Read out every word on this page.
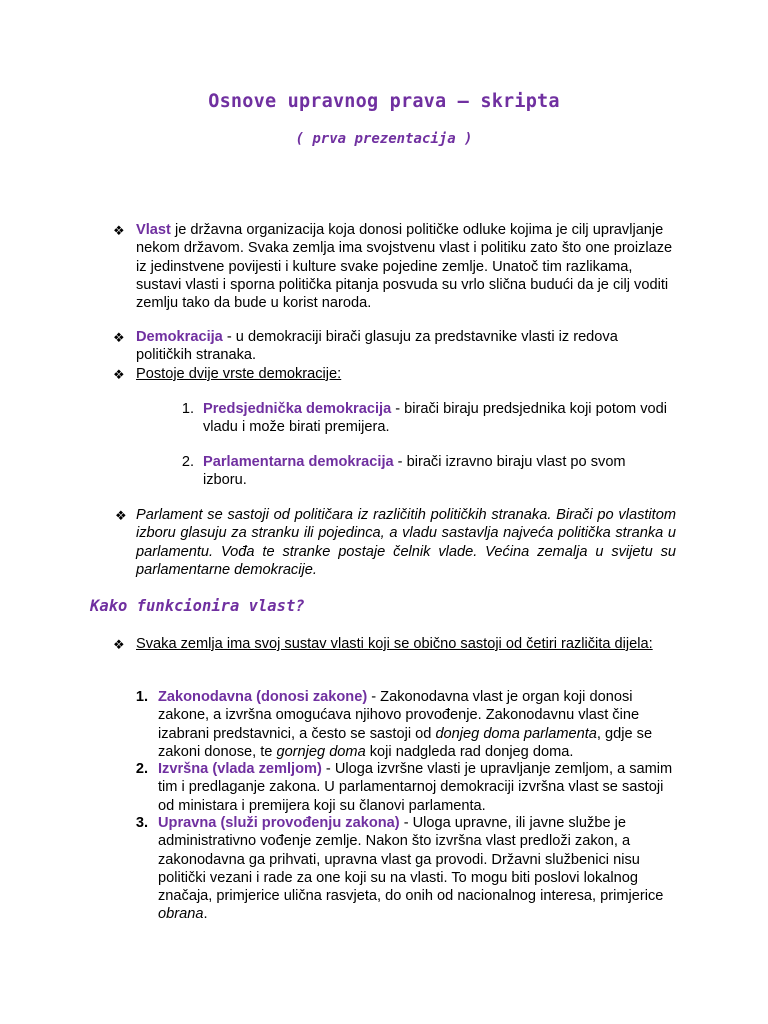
Osnove upravnog prava – skripta
( prva prezentacija )
❖ Vlast je državna organizacija koja donosi političke odluke kojima je cilj upravljanje nekom državom. Svaka zemlja ima svojstvenu vlast i politiku zato što one proizlaze iz jedinstvene povijesti i kulture svake pojedine zemlje. Unatoč tim razlikama, sustavi vlasti i sporna politička pitanja posvuda su vrlo slična budući da je cilj voditi zemlju tako da bude u korist naroda.
❖ Demokracija - u demokraciji birači glasuju za predstavnike vlasti iz redova političkih stranaka.
❖ Postoje dvije vrste demokracije:
1. Predsjednička demokracija - birači biraju predsjednika koji potom vodi vladu i može birati premijera.
2. Parlamentarna demokracija - birači izravno biraju vlast po svom izboru.
❖ Parlament se sastoji od političara iz različitih političkih stranaka. Birači po vlastitom izboru glasuju za stranku ili pojedinca, a vladu sastavlja najveća politička stranka u parlamentu. Vođa te stranke postaje čelnik vlade. Većina zemalja u svijetu su parlamentarne demokracije.
Kako funkcionira vlast?
❖ Svaka zemlja ima svoj sustav vlasti koji se obično sastoji od četiri različita dijela:
1. Zakonodavna (donosi zakone) - Zakonodavna vlast je organ koji donosi zakone, a izvršna omogućava njihovo provođenje. Zakonodavnu vlast čine izabrani predstavnici, a često se sastoji od donjeg doma parlamenta, gdje se zakoni donose, te gornjeg doma koji nadgleda rad donjeg doma.
2. Izvršna (vlada zemljom) - Uloga izvršne vlasti je upravljanje zemljom, a samim tim i predlaganje zakona. U parlamentarnoj demokraciji izvršna vlast se sastoji od ministara i premijera koji su članovi parlamenta.
3. Upravna (služi provođenju zakona) - Uloga upravne, ili javne službe je administrativno vođenje zemlje. Nakon što izvršna vlast predloži zakon, a zakonodavna ga prihvati, upravna vlast ga provodi. Državni službenici nisu politički vezani i rade za one koji su na vlasti. To mogu biti poslovi lokalnog značaja, primjerice ulična rasvjeta, do onih od nacionalnog interesa, primjerice obrana.
